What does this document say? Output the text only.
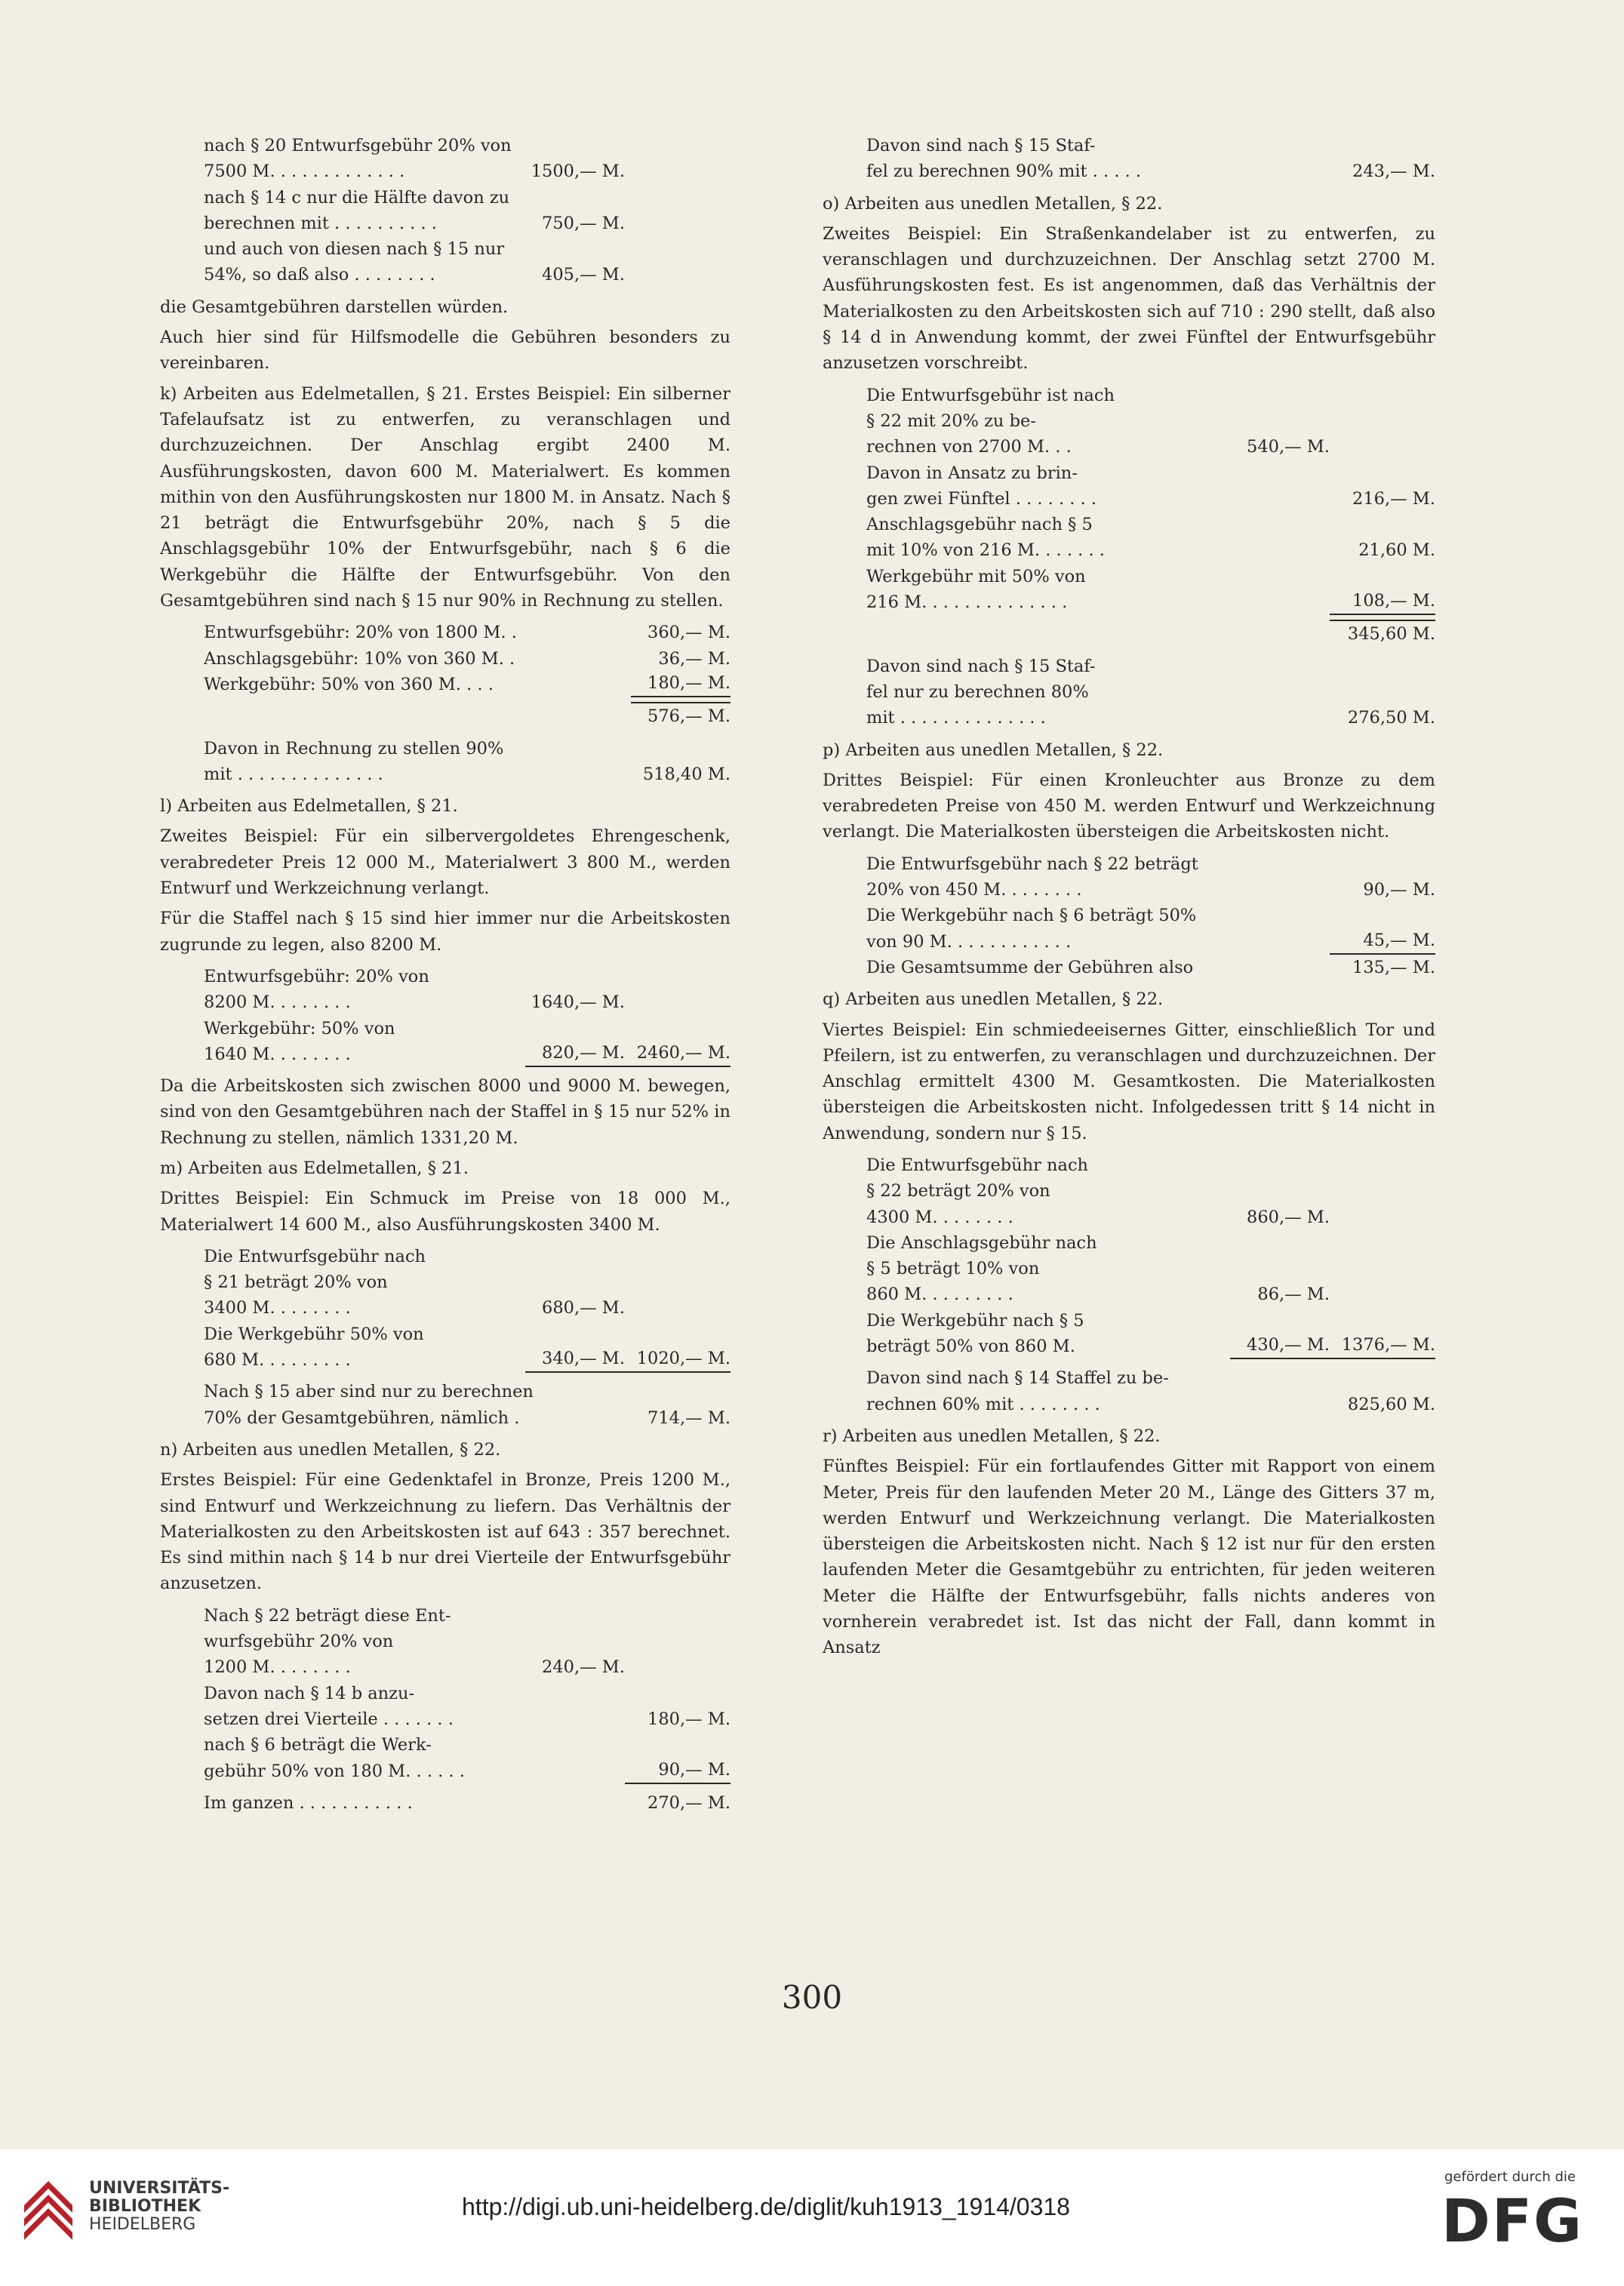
nach § 20 Entwurfsgebühr 20% von
7500 M. . . . . . . . . . . . .	1500,— M.
nach § 14 c nur die Hälfte davon zu
berechnen mit . . . . . . . . . .	750,— M.
und auch von diesen nach § 15 nur
54%, so daß also . . . . . . . .	405,— M.

die Gesamtgebühren darstellen würden.

Auch hier sind für Hilfsmodelle die Gebühren besonders zu vereinbaren.

k) Arbeiten aus Edelmetallen, § 21. Erstes Beispiel: Ein silberner Tafelaufsatz ist zu entwerfen, zu veranschlagen und durchzuzeichnen. Der Anschlag ergibt 2400 M. Ausführungskosten, davon 600 M. Materialwert. Es kommen mithin von den Ausführungskosten nur 1800 M. in Ansatz. Nach § 21 beträgt die Entwurfsgebühr 20%, nach § 5 die Anschlagsgebühr 10% der Entwurfsgebühr, nach § 6 die Werkgebühr die Hälfte der Entwurfsgebühr. Von den Gesamtgebühren sind nach § 15 nur 90% in Rechnung zu stellen.

Entwurfsgebühr: 20% von 1800 M. .	360,— M.
Anschlagsgebühr: 10% von 360 M. .	36,— M.
Werkgebühr: 50% von 360 M. . . .	180,— M.
576,— M.
Davon in Rechnung zu stellen 90%
mit . . . . . . . . . . . . . .	518,40 M.

l) Arbeiten aus Edelmetallen, § 21.

Zweites Beispiel: Für ein silbervergoldetes Ehrengeschenk, verabredeter Preis 12 000 M., Materialwert 3 800 M., werden Entwurf und Werkzeichnung verlangt.

Für die Staffel nach § 15 sind hier immer nur die Arbeitskosten zugrunde zu legen, also 8200 M.

Entwurfsgebühr: 20% von
8200 M. . . . . . . .	1640,— M.
Werkgebühr: 50% von
1640 M. . . . . . . .	820,— M. 2460,— M.

Da die Arbeitskosten sich zwischen 8000 und 9000 M. bewegen, sind von den Gesamtgebühren nach der Staffel in § 15 nur 52% in Rechnung zu stellen, nämlich 1331,20 M.

m) Arbeiten aus Edelmetallen, § 21.

Drittes Beispiel: Ein Schmuck im Preise von 18 000 M., Materialwert 14 600 M., also Ausführungskosten 3400 M.

Die Entwurfsgebühr nach
§ 21 beträgt 20% von
3400 M. . . . . . . .	680,— M.
Die Werkgebühr 50% von
680 M. . . . . . . . .	340,— M. 1020,— M.
Nach § 15 aber sind nur zu berechnen
70% der Gesamtgebühren, nämlich .	714,— M.

n) Arbeiten aus unedlen Metallen, § 22.

Erstes Beispiel: Für eine Gedenktafel in Bronze, Preis 1200 M., sind Entwurf und Werkzeichnung zu liefern. Das Verhältnis der Materialkosten zu den Arbeitskosten ist auf 643 : 357 berechnet. Es sind mithin nach § 14 b nur drei Vierteile der Entwurfsgebühr anzusetzen.

Nach § 22 beträgt diese Ent-
wurfsgebühr 20% von
1200 M. . . . . . . .	240,— M.
Davon nach § 14 b anzu-
setzen drei Vierteile . . . . . . .	180,— M.
nach § 6 beträgt die Werk-
gebühr 50% von 180 M. . . . . .	90,— M.
Im ganzen . . . . . . . . . . .	270,— M.
Davon sind nach § 15 Staf-
fel zu berechnen 90% mit . . . . .	243,— M.

o) Arbeiten aus unedlen Metallen, § 22.

Zweites Beispiel: Ein Straßenkandelaber ist zu entwerfen, zu veranschlagen und durchzuzeichnen. Der Anschlag setzt 2700 M. Ausführungskosten fest. Es ist angenommen, daß das Verhältnis der Materialkosten zu den Arbeitskosten sich auf 710 : 290 stellt, daß also § 14 d in Anwendung kommt, der zwei Fünftel der Entwurfsgebühr anzusetzen vorschreibt.

Die Entwurfsgebühr ist nach
§ 22 mit 20% zu be-
rechnen von 2700 M. . .	540,— M.
Davon in Ansatz zu brin-
gen zwei Fünftel . . . . . . . .	216,— M.
Anschlagsgebühr nach § 5
mit 10% von 216 M. . . . . . .	21,60 M.
Werkgebühr mit 50% von
216 M. . . . . . . . . . . . . .	108,— M.
345,60 M.
Davon sind nach § 15 Staf-
fel nur zu berechnen 80%
mit . . . . . . . . . . . . . .	276,50 M.

p) Arbeiten aus unedlen Metallen, § 22.

Drittes Beispiel: Für einen Kronleuchter aus Bronze zu dem verabredeten Preise von 450 M. werden Entwurf und Werkzeichnung verlangt. Die Materialkosten übersteigen die Arbeitskosten nicht.

Die Entwurfsgebühr nach § 22 beträgt
20% von 450 M. . . . . . . .	90,— M.
Die Werkgebühr nach § 6 beträgt 50%
von 90 M. . . . . . . . . . . .	45,— M.
Die Gesamtsumme der Gebühren also	135,— M.

q) Arbeiten aus unedlen Metallen, § 22.

Viertes Beispiel: Ein schmiedeeisernes Gitter, einschließlich Tor und Pfeilern, ist zu entwerfen, zu veranschlagen und durchzuzeichnen. Der Anschlag ermittelt 4300 M. Gesamtkosten. Die Materialkosten übersteigen die Arbeitskosten nicht. Infolgedessen tritt § 14 nicht in Anwendung, sondern nur § 15.

Die Entwurfsgebühr nach
§ 22 beträgt 20% von
4300 M. . . . . . . .	860,— M.
Die Anschlagsgebühr nach
§ 5 beträgt 10% von
860 M. . . . . . . . .	86,— M.
Die Werkgebühr nach § 5
beträgt 50% von 860 M.	430,— M. 1376,— M.
Davon sind nach § 14 Staffel zu be-
rechnen 60% mit . . . . . . . .	825,60 M.

r) Arbeiten aus unedlen Metallen, § 22.

Fünftes Beispiel: Für ein fortlaufendes Gitter mit Rapport von einem Meter, Preis für den laufenden Meter 20 M., Länge des Gitters 37 m, werden Entwurf und Werkzeichnung verlangt. Die Materialkosten übersteigen die Arbeitskosten nicht. Nach § 12 ist nur für den ersten laufenden Meter die Gesamtgebühr zu entrichten, für jeden weiteren Meter die Hälfte der Entwurfsgebühr, falls nichts anderes von vornherein verabredet ist. Ist das nicht der Fall, dann kommt in Ansatz

300
UNIVERSITÄTS-
BIBLIOTHEK
HEIDELBERG
http://digi.ub.uni-heidelberg.de/diglit/kuh1913_1914/0318
gefördert durch die
DFG
